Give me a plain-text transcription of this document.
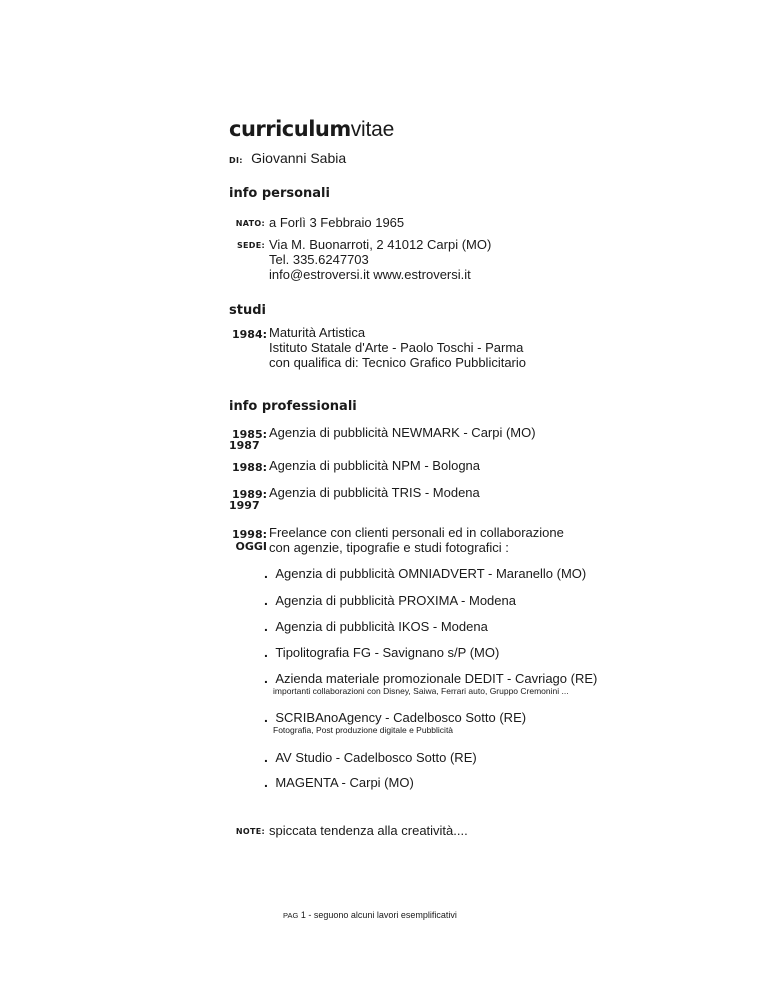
curriculumvitae
DI: Giovanni Sabia
info personali
NATO: a Forlì 3 Febbraio 1965
SEDE: Via M. Buonarroti, 2 41012 Carpi (MO)
Tel. 335.6247703
info@estroversi.it www.estroversi.it
studi
1984: Maturità Artistica
Istituto Statale d'Arte - Paolo Toschi - Parma
con qualifica di: Tecnico Grafico Pubblicitario
info professionali
1985:
1987
Agenzia di pubblicità NEWMARK - Carpi (MO)
1988: Agenzia di pubblicità NPM - Bologna
1989:
1997
Agenzia di pubblicità TRIS - Modena
1998:
OGGI
Freelance con clienti personali ed in collaborazione
con agenzie, tipografie e studi fotografici :
. Agenzia di pubblicità OMNIADVERT - Maranello (MO)
. Agenzia di pubblicità PROXIMA - Modena
. Agenzia di pubblicità IKOS - Modena
. Tipolitografia FG - Savignano s/P (MO)
. Azienda materiale promozionale DEDIT - Cavriago (RE)
importanti collaborazioni con Disney, Saiwa, Ferrari auto, Gruppo Cremonini ...
. SCRIBAnoAgency - Cadelbosco Sotto (RE)
Fotografia, Post produzione digitale e Pubblicità
. AV Studio - Cadelbosco Sotto (RE)
. MAGENTA - Carpi (MO)
NOTE: spiccata tendenza alla creatività....
PAG 1 - seguono alcuni lavori esemplificativi
